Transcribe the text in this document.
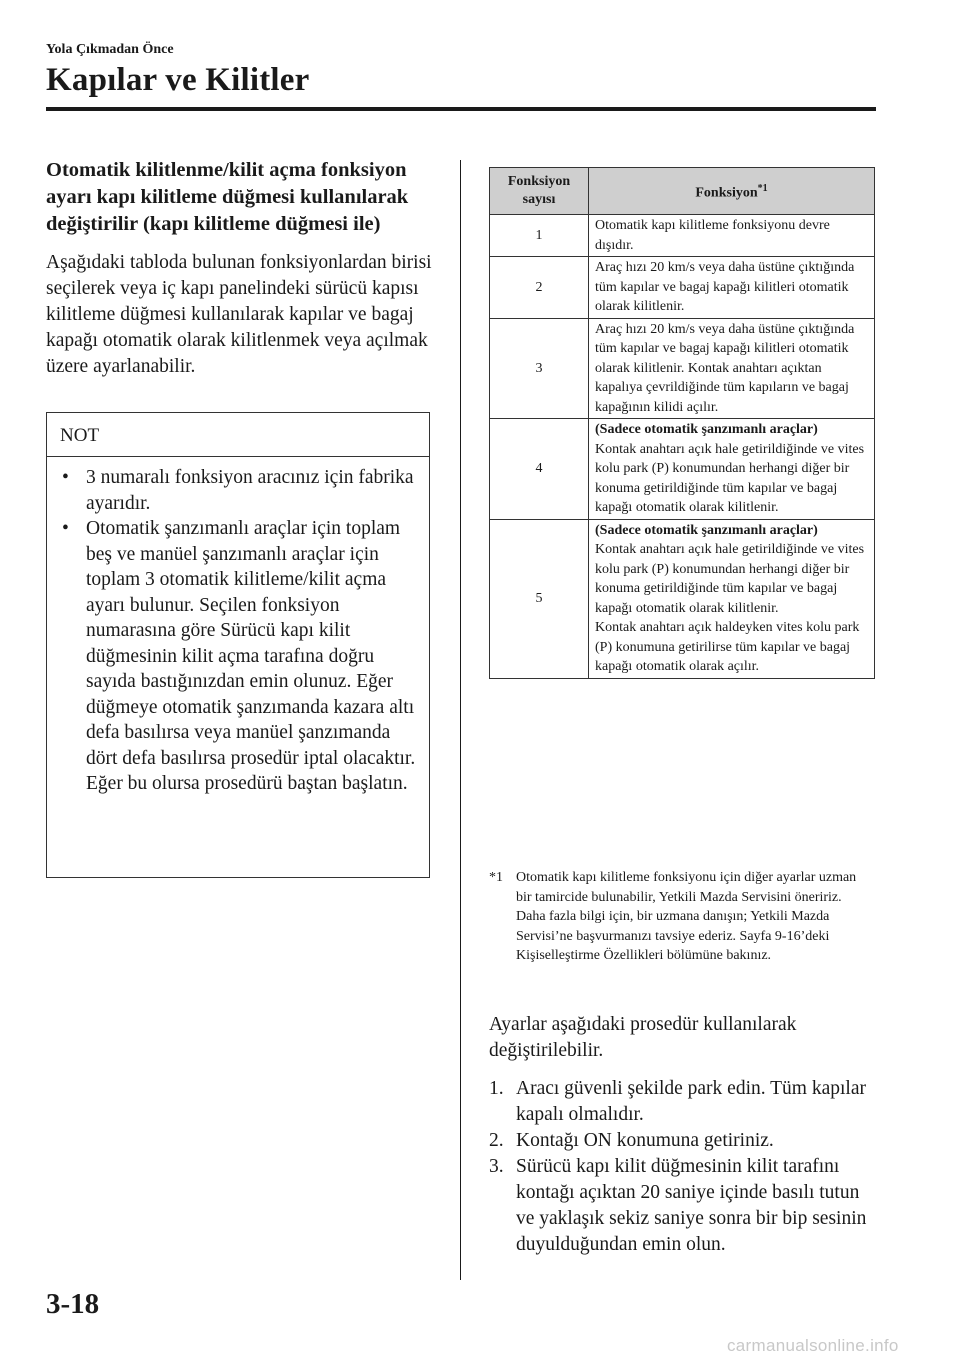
Yola Çıkmadan Önce
Kapılar ve Kilitler
Otomatik kilitlenme/kilit açma fonksiyon ayarı kapı kilitleme düğmesi kullanılarak değiştirilir (kapı kilitleme düğmesi ile)

Aşağıdaki tabloda bulunan fonksiyonlardan birisi seçilerek veya iç kapı panelindeki sürücü kapısı kilitleme düğmesi kullanılarak kapılar ve bagaj kapağı otomatik olarak kilitlenmek veya açılmak üzere ayarlanabilir.

NOT
• 3 numaralı fonksiyon aracınız için fabrika ayarıdır.
• Otomatik şanzımanlı araçlar için toplam beş ve manüel şanzımanlı araçlar için toplam 3 otomatik kilitleme/kilit açma ayarı bulunur. Seçilen fonksiyon numarasına göre Sürücü kapı kilit düğmesinin kilit açma tarafına doğru sayıda bastığınızdan emin olunuz. Eğer düğmeye otomatik şanzımanda kazara altı defa basılırsa veya manüel şanzımanda dört defa basılırsa prosedür iptal olacaktır. Eğer bu olursa prosedürü baştan başlatın.
Fonksiyon
sayısı	Fonksiyon$^{*1}$
1	Otomatik kapı kilitleme fonksiyonu devre dışıdır.
2	Araç hızı 20 km/s veya daha üstüne çıktığında tüm kapılar ve bagaj kapağı kilitleri otomatik olarak kilitlenir.
3	Araç hızı 20 km/s veya daha üstüne çıktığında tüm kapılar ve bagaj kapağı kilitleri otomatik olarak kilitlenir. Kontak anahtarı açıktan kapalıya çevrildiğinde tüm kapıların ve bagaj kapağının kilidi açılır.
4	(Sadece otomatik şanzımanlı araçlar)
Kontak anahtarı açık hale getirildiğinde ve vites kolu park (P) konumundan herhangi diğer bir konuma getirildiğinde tüm kapılar ve bagaj kapağı otomatik olarak kilitlenir.
5	(Sadece otomatik şanzımanlı araçlar)
Kontak anahtarı açık hale getirildiğinde ve vites kolu park (P) konumundan herhangi diğer bir konuma getirildiğinde tüm kapılar ve bagaj kapağı otomatik olarak kilitlenir.
Kontak anahtarı açık haldeyken vites kolu park (P) konumuna getirilirse tüm kapılar ve bagaj kapağı otomatik olarak açılır.
*1 Otomatik kapı kilitleme fonksiyonu için diğer ayarlar uzman bir tamircide bulunabilir, Yetkili Mazda Servisini öneririz. Daha fazla bilgi için, bir uzmana danışın; Yetkili Mazda Servisi’ne başvurmanızı tavsiye ederiz. Sayfa 9-16’deki Kişiselleştirme Özellikleri bölümüne bakınız.

Ayarlar aşağıdaki prosedür kullanılarak değiştirilebilir.

1. Aracı güvenli şekilde park edin. Tüm kapılar kapalı olmalıdır.
2. Kontağı ON konumuna getiriniz.
3. Sürücü kapı kilit düğmesinin kilit tarafını kontağı açıktan 20 saniye içinde basılı tutun ve yaklaşık sekiz saniye sonra bir bip sesinin duyulduğundan emin olun.
3-18
carmanualsonline.info
